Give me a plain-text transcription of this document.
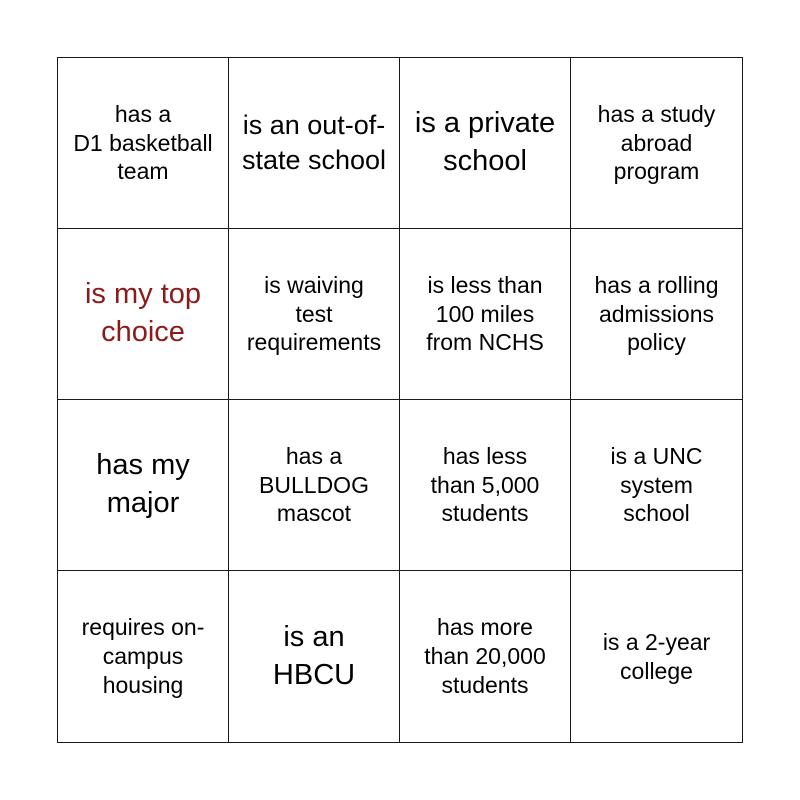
has a
D1 basketball
team
is an out-of-
state school
is a private
school
has a study
abroad
program
is my top
choice
is waiving
test
requirements
is less than
100 miles
from NCHS
has a rolling
admissions
policy
has my
major
has a
BULLDOG
mascot
has less
than 5,000
students
is a UNC
system
school
requires on-
campus
housing
is an
HBCU
has more
than 20,000
students
is a 2-year
college
